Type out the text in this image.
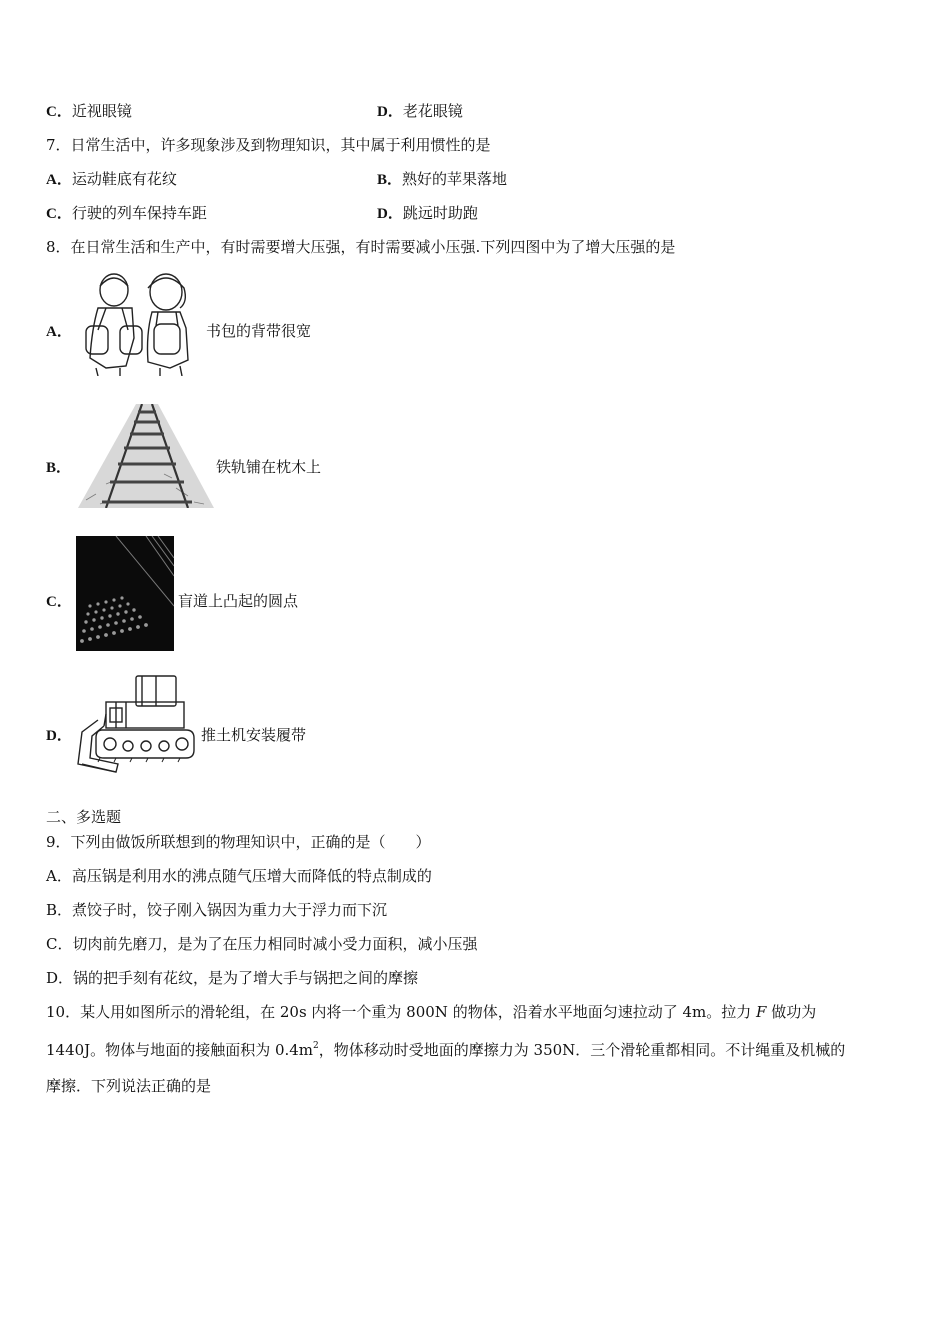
C．近视眼镜	D．老花眼镜
7．日常生活中，许多现象涉及到物理知识，其中属于利用惯性的是
A．运动鞋底有花纹	B．熟好的苹果落地
C．行驶的列车保持车距	D．跳远时助跑
8．在日常生活和生产中，有时需要增大压强，有时需要减小压强.下列四图中为了增大压强的是
A．	书包的背带很宽
B．	铁轨铺在枕木上
C．	盲道上凸起的圆点
D．	推土机安装履带
二、多选题
9．下列由做饭所联想到的物理知识中，正确的是（　　）
A．高压锅是利用水的沸点随气压增大而降低的特点制成的
B．煮饺子时，饺子刚入锅因为重力大于浮力而下沉
C．切肉前先磨刀，是为了在压力相同时减小受力面积，减小压强
D．锅的把手刻有花纹，是为了增大手与锅把之间的摩擦
10．某人用如图所示的滑轮组，在 20s 内将一个重为 800N 的物体，沿着水平地面匀速拉动了 4m。拉力 F 做功为
1440J。物体与地面的接触面积为 $0.4m^2$，物体移动时受地面的摩擦力为 350N．三个滑轮重都相同。不计绳重及机械的
摩擦．下列说法正确的是
